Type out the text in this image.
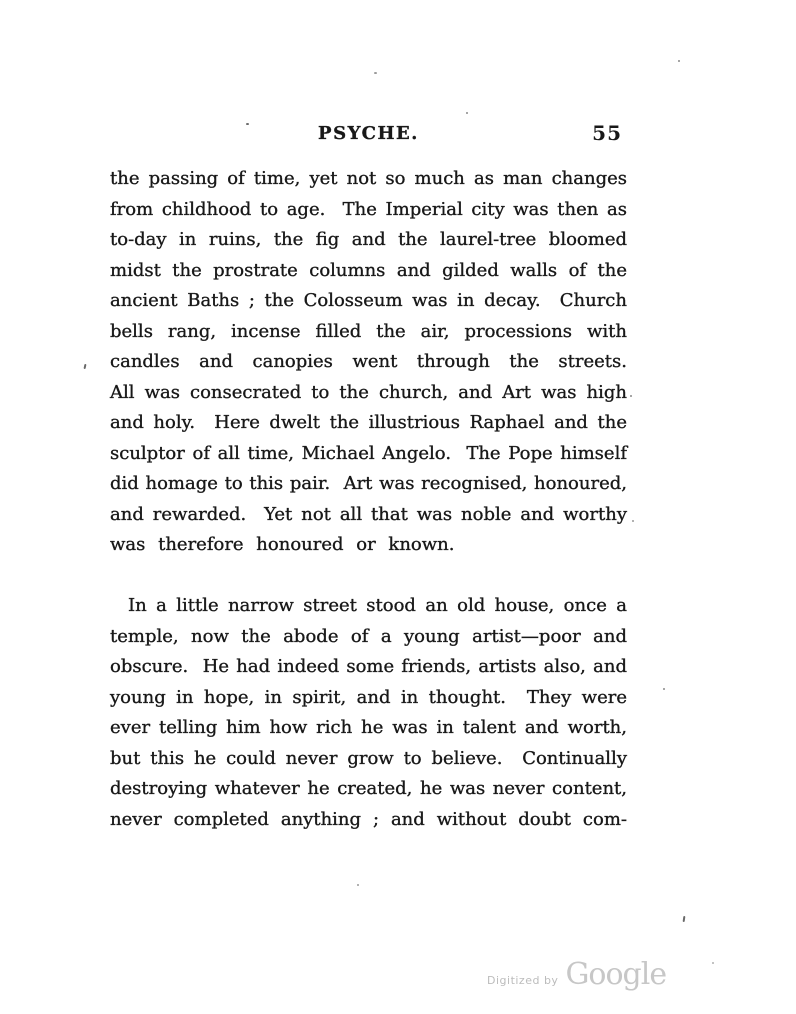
PSYCHE.	55
the passing of time, yet not so much as man changes
from childhood to age.  The Imperial city was then as
to-day in ruins, the fig and the laurel-tree bloomed
midst the prostrate columns and gilded walls of the
ancient Baths ; the Colosseum was in decay.  Church
bells rang, incense filled the air, processions with
candles and canopies went through the streets.
All was consecrated to the church, and Art was high
and holy.  Here dwelt the illustrious Raphael and the
sculptor of all time, Michael Angelo.  The Pope himself
did homage to this pair.  Art was recognised, honoured,
and rewarded.  Yet not all that was noble and worthy
was therefore honoured or known.
In a little narrow street stood an old house, once a
temple, now the abode of a young artist—poor and
obscure.  He had indeed some friends, artists also, and
young in hope, in spirit, and in thought.  They were
ever telling him how rich he was in talent and worth,
but this he could never grow to believe.  Continually
destroying whatever he created, he was never content,
never completed anything ; and without doubt com-
Digitized by Google
